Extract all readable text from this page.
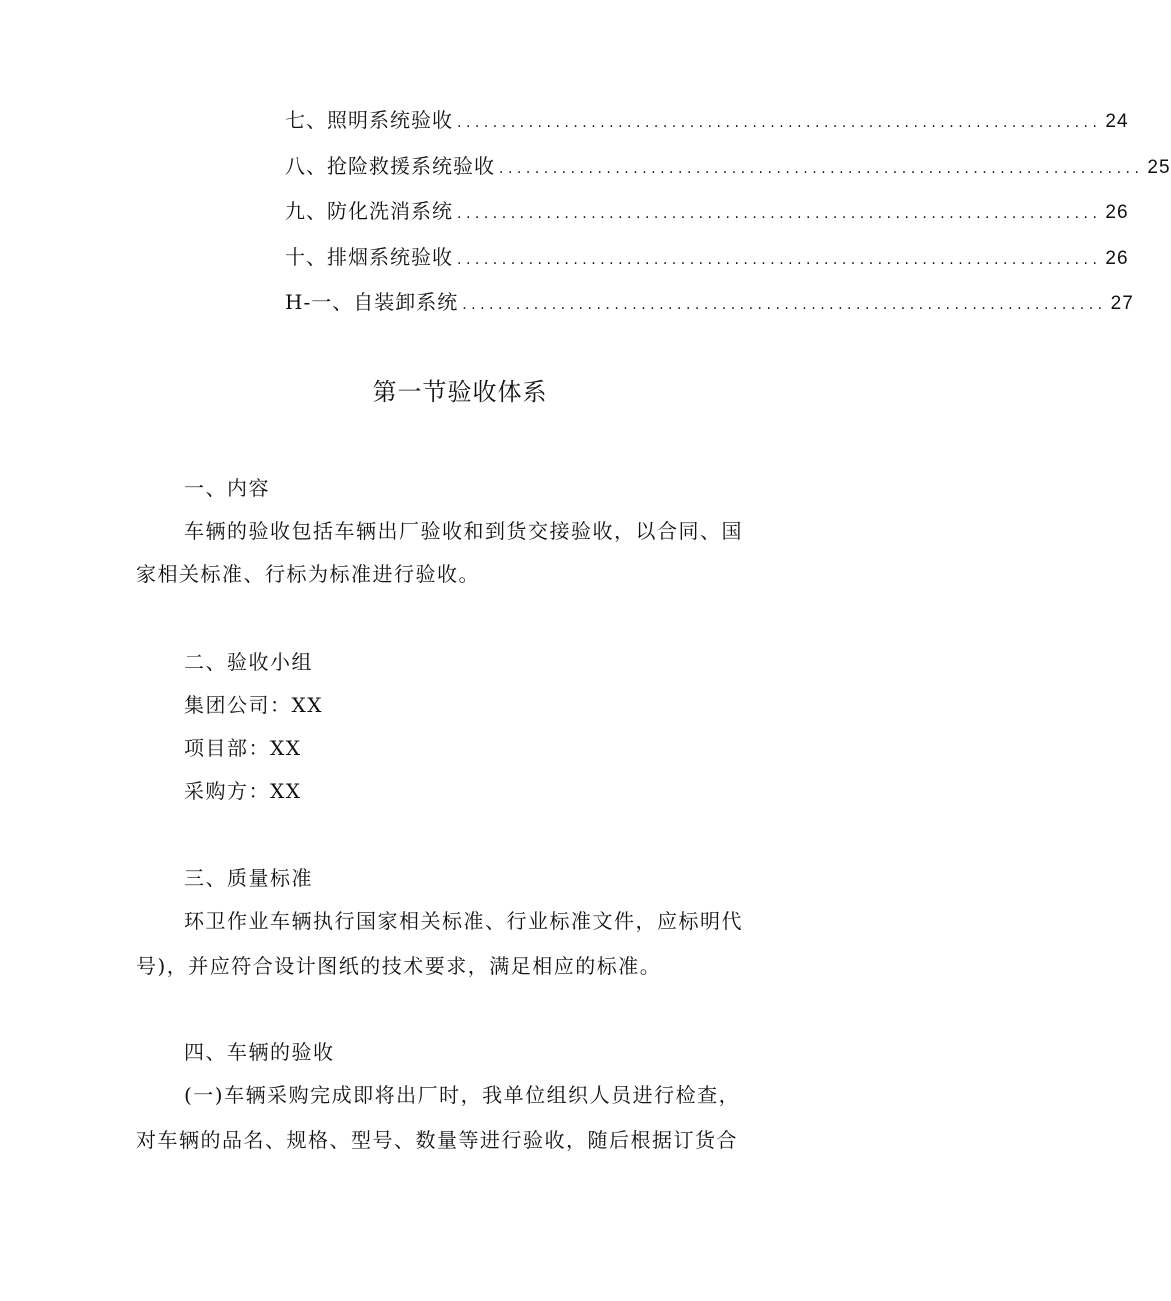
七、照明系统验收 ........................................................................ 24
八、抢险救援系统验收 ........................................................................ 25
九、防化洗消系统 ........................................................................ 26
十、排烟系统验收 ........................................................................ 26
H-一、自装卸系统 ........................................................................ 27
第一节验收体系
一、内容
车辆的验收包括车辆出厂验收和到货交接验收，以合同、国
家相关标准、行标为标准进行验收。
二、验收小组
集团公司：XX
项目部：XX
采购方：XX
三、质量标准
环卫作业车辆执行国家相关标准、行业标准文件，应标明代
号)，并应符合设计图纸的技术要求，满足相应的标准。
四、车辆的验收
(一)车辆采购完成即将出厂时，我单位组织人员进行检查，
对车辆的品名、规格、型号、数量等进行验收，随后根据订货合
